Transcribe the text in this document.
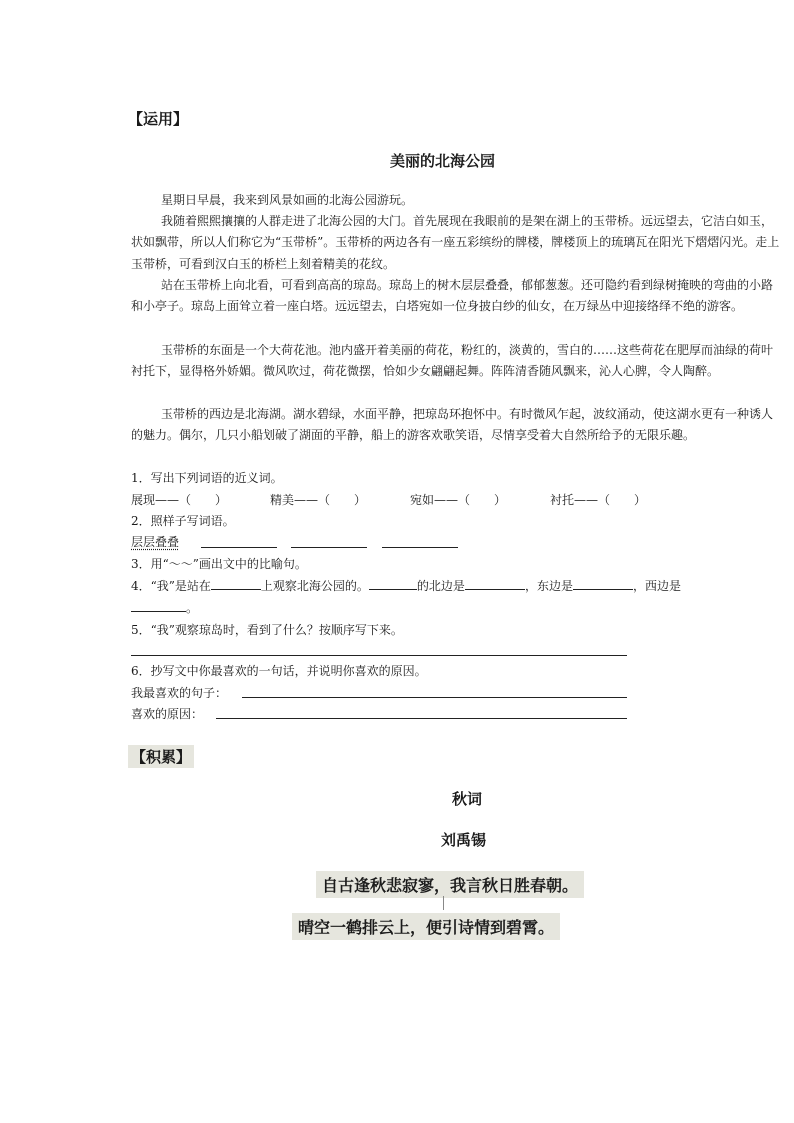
【运用】
美丽的北海公园
星期日早晨，我来到风景如画的北海公园游玩。
我随着熙熙攘攘的人群走进了北海公园的大门。首先展现在我眼前的是架在湖上的玉带桥。远远望去，它洁白如玉，状如飘带，所以人们称它为“玉带桥”。玉带桥的两边各有一座五彩缤纷的牌楼，牌楼顶上的琉璃瓦在阳光下熠熠闪光。走上玉带桥，可看到汉白玉的桥栏上刻着精美的花纹。
站在玉带桥上向北看，可看到高高的琼岛。琼岛上的树木层层叠叠，郁郁葱葱。还可隐约看到绿树掩映的弯曲的小路和小亭子。琼岛上面耸立着一座白塔。远远望去，白塔宛如一位身披白纱的仙女，在万绿丛中迎接络绎不绝的游客。
玉带桥的东面是一个大荷花池。池内盛开着美丽的荷花，粉红的，淡黄的，雪白的……这些荷花在肥厚而油绿的荷叶衬托下，显得格外娇媚。微风吹过，荷花微摆，恰如少女翩翩起舞。阵阵清香随风飘来，沁人心脾，令人陶醉。
玉带桥的西边是北海湖。湖水碧绿，水面平静，把琼岛环抱怀中。有时微风乍起，波纹涌动，使这湖水更有一种诱人的魅力。偶尔，几只小船划破了湖面的平静，船上的游客欢歌笑语，尽情享受着大自然所给予的无限乐趣。
1．写出下列词语的近义词。
展现——（　　）	精美——（　　）	宛如——（　　）	衬托——（　　）
2．照样子写词语。
层层叠叠
3．用“～～”画出文中的比喻句。
4．“我”是站在	上观察北海公园的。	的北边是	，东边是	，西边是
。
5．“我”观察琼岛时，看到了什么？按顺序写下来。
6．抄写文中你最喜欢的一句话，并说明你喜欢的原因。
我最喜欢的句子：
喜欢的原因：
【积累】
秋词
刘禹锡
自古逢秋悲寂寥，我言秋日胜春朝。
晴空一鹤排云上，便引诗情到碧霄。
